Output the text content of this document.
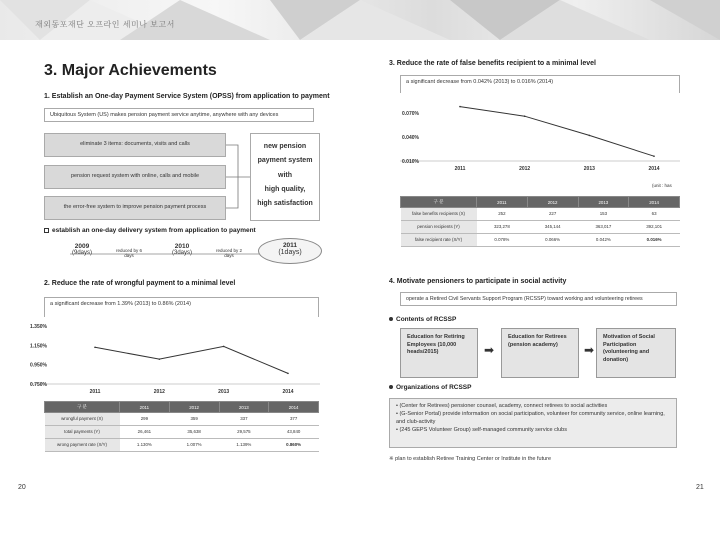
재외동포재단 오프라인 세미나 보고서
3. Major Achievements
1. Establish an One-day Payment Service System (OPSS) from application to payment
Ubiquitous System (US) makes pension payment service anytime, anywhere with any devices
eliminate 3 items: documents, visits and calls
pension request system with online, calls and mobile
the error-free system to improve pension payment process
new pension
payment system
with
high quality,
high satisfaction
establish an one-day delivery system from application to payment
2009
(9days)	reduced by 6 days
2010
(3days)	reduced by 2 days
2011
(1days)
2. Reduce the rate of wrongful payment to a minimal level
a significant decrease from 1.39% (2013) to 0.86% (2014)
1.350%
1.150%
0.950%
0.750%
2011	2012	2013	2014
구 분	2011	2012	2013	2014
wrongful payment (X)	299	359	337	377
total payments (Y)	26,461	35,638	29,575	43,840
wrong payment rate (X/Y)	1.130%	1.007%	1.139%	0.860%
20
3. Reduce the rate of false benefits recipient to a minimal level
a significant decrease from 0.042% (2013) to 0.016% (2014)
0.070%
0.040%
0.010%
2011	2012	2013	2014
(unit : has
구 분	2011	2012	2013	2014
false benefits recipients (X)	252	227	153	63
pension recipients (Y)	323,278	345,144	363,017	392,101
false recipient rate (X/Y)	0.078%	0.066%	0.042%	0.016%
4. Motivate pensioners to participate in social activity
operate a Retired Civil Servants Support Program (RCSSP) toward working and volunteering retirees
Contents of RCSSP
Education for Retiring Employees (10,000 heads/2015)	➡
Education for Retirees (pension academy)	➡
Motivation of Social Participation (volunteering and donation)
Organizations of RCSSP
• (Center for Retirees) pensioner counsel, academy, connect retirees to social activities
• (G-Senior Portal) provide information on social participation, volunteer for community service, online learning, and club-activity
• (245 GEPS Volunteer Group) self-managed community service clubs
※ plan to establish Retiree Training Center or Institute in the future
21
